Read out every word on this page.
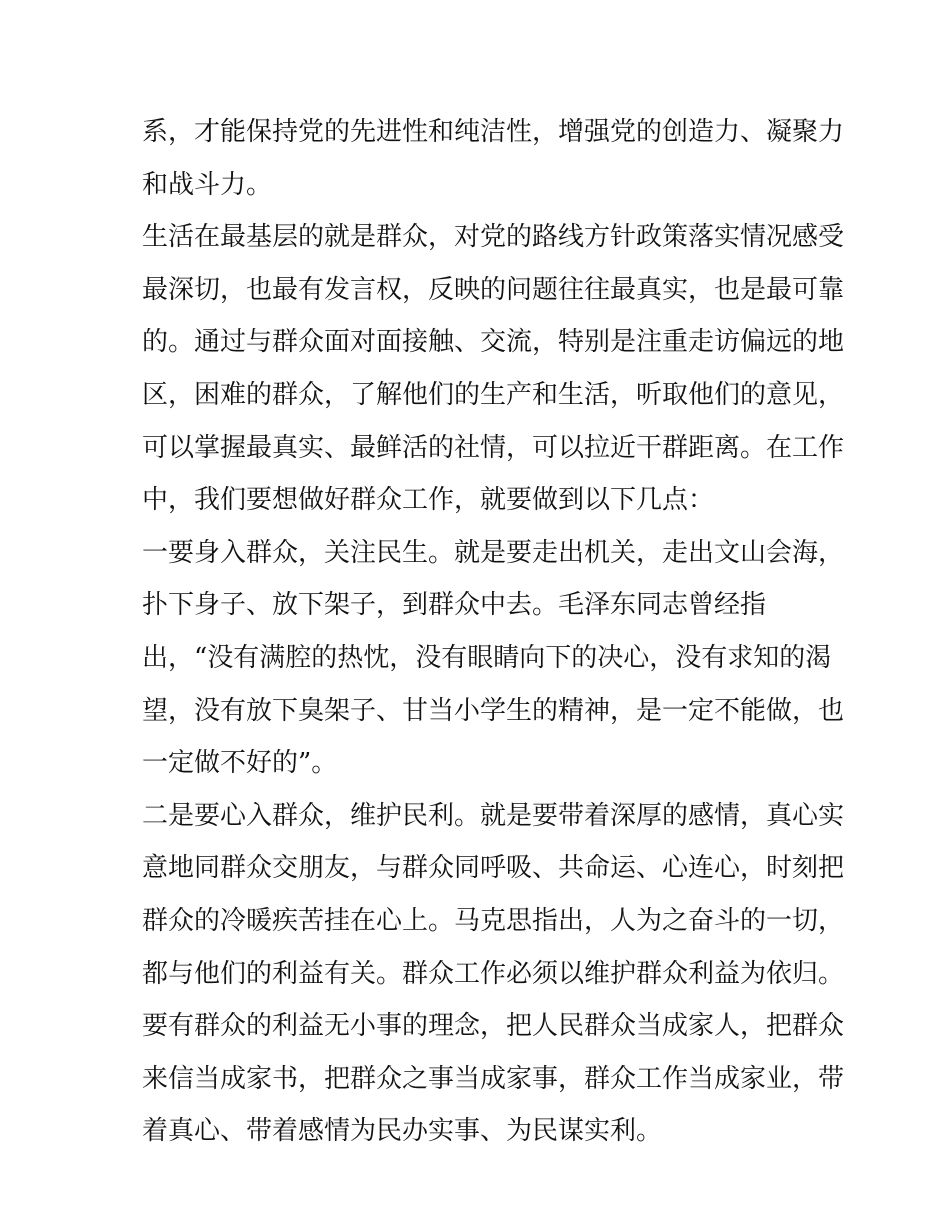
系，才能保持党的先进性和纯洁性，增强党的创造力、凝聚力
和战斗力。
生活在最基层的就是群众，对党的路线方针政策落实情况感受
最深切，也最有发言权，反映的问题往往最真实，也是最可靠
的。通过与群众面对面接触、交流，特别是注重走访偏远的地
区，困难的群众，了解他们的生产和生活，听取他们的意见，
可以掌握最真实、最鲜活的社情，可以拉近干群距离。在工作
中，我们要想做好群众工作，就要做到以下几点：
一要身入群众，关注民生。就是要走出机关，走出文山会海，
扑下身子、放下架子，到群众中去。毛泽东同志曾经指
出，“没有满腔的热忱，没有眼睛向下的决心，没有求知的渴
望，没有放下臭架子、甘当小学生的精神，是一定不能做，也
一定做不好的”。
二是要心入群众，维护民利。就是要带着深厚的感情，真心实
意地同群众交朋友，与群众同呼吸、共命运、心连心，时刻把
群众的冷暖疾苦挂在心上。马克思指出，人为之奋斗的一切，
都与他们的利益有关。群众工作必须以维护群众利益为依归。
要有群众的利益无小事的理念，把人民群众当成家人，把群众
来信当成家书，把群众之事当成家事，群众工作当成家业，带
着真心、带着感情为民办实事、为民谋实利。
